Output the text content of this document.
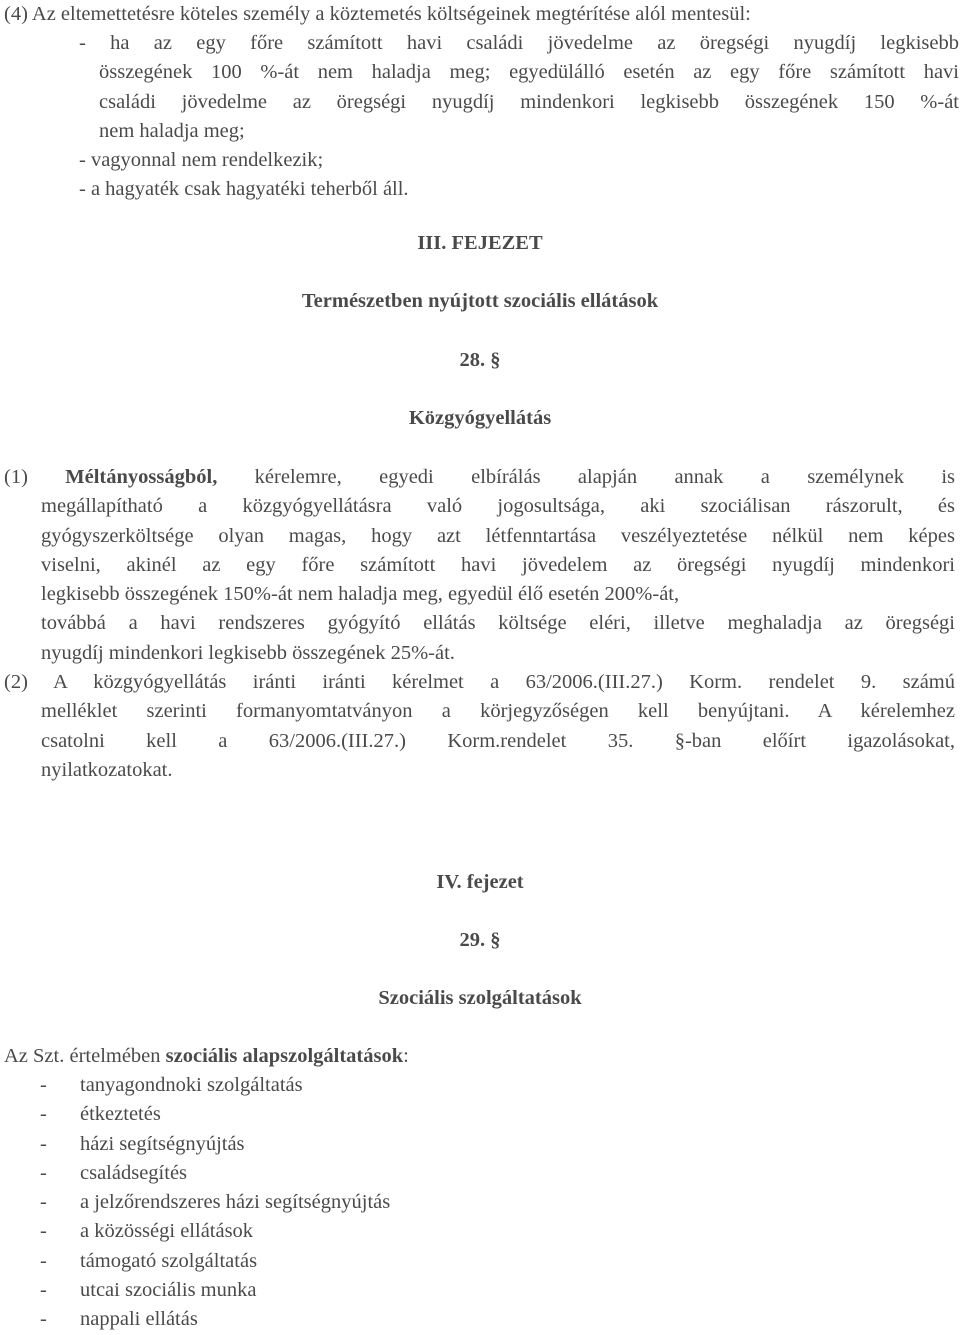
(4) Az eltemettetésre köteles személy a köztemetés költségeinek megtérítése alól mentesül:

- ha az egy főre számított havi családi jövedelme az öregségi nyugdíj legkisebb

összegének 100 %-át nem haladja meg; egyedülálló esetén az egy főre számított havi

családi jövedelme az öregségi nyugdíj mindenkori legkisebb összegének 150 %-át

nem haladja meg;

- vagyonnal nem rendelkezik;

- a hagyaték csak hagyatéki teherből áll.

III. FEJEZET

Természetben nyújtott szociális ellátások

28. §

Közgyógyellátás

(1) Méltányosságból, kérelemre, egyedi elbírálás alapján annak a személynek is

megállapítható a közgyógyellátásra való jogosultsága, aki szociálisan rászorult, és

gyógyszerköltsége olyan magas, hogy azt létfenntartása veszélyeztetése nélkül nem képes

viselni, akinél az egy főre számított havi jövedelem az öregségi nyugdíj mindenkori

legkisebb összegének 150%-át nem haladja meg, egyedül élő esetén 200%-át,

továbbá a havi rendszeres gyógyító ellátás költsége eléri, illetve meghaladja az öregségi

nyugdíj mindenkori legkisebb összegének 25%-át.

(2) A közgyógyellátás iránti iránti kérelmet a 63/2006.(III.27.) Korm. rendelet 9. számú

melléklet szerinti formanyomtatványon a körjegyzőségen kell benyújtani. A kérelemhez

csatolni kell a 63/2006.(III.27.) Korm.rendelet 35. §-ban előírt igazolásokat,

nyilatkozatokat.

IV. fejezet

29. §

Szociális szolgáltatások

Az Szt. értelmében szociális alapszolgáltatások:

-	tanyagondnoki szolgáltatás
-	étkeztetés
-	házi segítségnyújtás
-	családsegítés
-	a jelzőrendszeres házi segítségnyújtás
-	a közösségi ellátások
-	támogató szolgáltatás
-	utcai szociális munka
-	nappali ellátás
